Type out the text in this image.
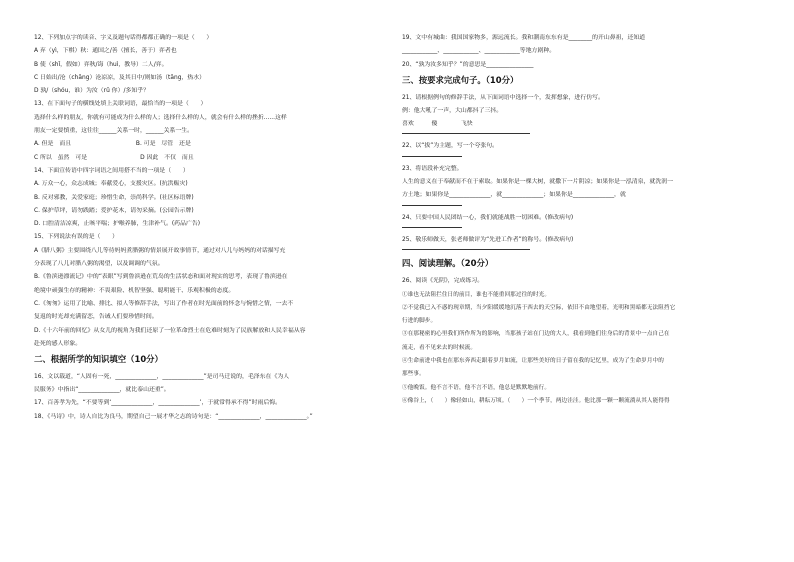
12、下列加点字的读音、字义及题句话得都都正确的一项是（　　）

A 弃（yì，下棋）秋：通国之/善（擅长，善于）弈者也

B 使（shǐ，假如）弈秋/诲（huì，教导）二人/弈。

C 日始出/沧（chāng）沧凉凉，及其日中/则如汤（tāng，热水）

D 孰/（shóu，谁）为汝（rǔ 你）/多知乎？

13、在下面句子的横线处填上关联词语，最恰当的一项是（　　）

选择什么样的朋友，你就有可能成为什么样的人；选择什么样的人，就会有什么样的挫折......这样

朋友一定要慎重，这往往______关系一时，______关系一生。

A. 但是　而且　　　　　　　　　　　B. 可是　尽管　还是

C 所以　虽然　可是　　　　　　　　　D 因此　不仅　而且

14、下面宣传语中四字词语之间用搭不当的一项是（　　）

A. 万众一心，众志成城；奉献爱心，支援灾区。(抗洪赈灾)

B. 反对邪教，关爱家庭；珍惜生命，崇尚科学。(社区标语牌)

C. 保护草坪，请勿践踏；爱护花木，请勿采摘。(公园告示牌)

D. 口腔清洁凉爽，止咳平喘；护喉养肺，生津补气。(药品广告)

15、下列说法有误的是（　　）

A《腊八粥》主要围绕八儿等待妈妈煮腊粥的情景展开故事情节，通过对八儿与妈妈的对话描写充

分表现了八儿对腊八粥的渴望，以及调调的气氛。

B.《鲁滨逊漂流记》中的“表眼”写到鲁滨逊在荒岛的生活状态和面对现实的思考，表现了鲁滨逊在

绝境中顽强生存的精神：不畏艰险、机智坚强、聪明能干、乐观积极的态度。

C.《匆匆》运用了比喻、排比、拟人等修辞手法，写出了作者在时光面前的怀念与惋惜之情，一去不

复返的时光却充满留恋，告诫人们要珍惜时间。

D.《十六年前的回忆》从女儿的视角为我们还原了一位革命烈士在危难时刻为了民族解放和人民幸福从容

赴死的感人形象。

二、根据所学的知识填空（10分）

16、文以载道，“人固有一死，______________，______________”是司马迁说的，毛泽东在《为人

民服务》中指出“______________，就比泰山还重”。

17、百善孝为先，“不要等到‘______________，______________’，于就常得承不得”时雨后悔。

18、《马诗》中，诗人自比为良马，期望自己一展才华之志的诗句是：“______________，______________。”

19、文中有城曲：我国国家物多，源远流长。我和潮南东东有是________的开山鼻祖，还知道

____________、____________、____________等地方剧种。

20、“孰为汝多知乎？”的意思是________________

三、按要求完成句子。（10分）

21、请根据例句的修辞手法，从下面词语中选择一个，发挥想象，进行仿写。

例：他大吼了一声，大山都抖了三抖。

喜欢　　　傻　　　　飞快

22、以“拔”为主题，写一个夸张句。

23、将语段补充完整。

人生的意义在于奉献而不在于索取。如果你是一棵大树，就撒下一片阴凉；如果你是一泓清泉，就洗润一

方土地；如果你是______________，就______________；如果你是______________，就

24、只要中国人民团结一心，我们就能战胜一切困难。(修改病句)

25、敬乐师做天，张老师做评为“先进工作者”的称号。(修改病句)

四、阅读理解。（20分）

26、阅读《光阴》，完成练习。

①谁也无法阻拦住日的前目，谁也不能重回那过往的时光。

②不觉我已入不惑的现章期，当夕阳缓缓地沉落于西去的天空际，依旧不由地望着，光明和黑暗都无法阻挡它

行进的脚步。

③在那秘密的心里我们所作所为的影响，当那孩子站在门边的大人，我看到他们往身后的背景中一点自己在

流走，看不见来去的时候流。

④生命前进中我也在那东奔西走跟着岁月如流，让那些美好的日子留在我的记忆里，成为了生命岁月中的

那些事。

⑤他晚饭。他不言不语，他不言不语，他总是默默地前行。

⑥像谷上，（　　）像轻如山，耕耘万顷。（　　）一个季节，两边洼洼。他比那一颗一颗流淌从其人能得得
